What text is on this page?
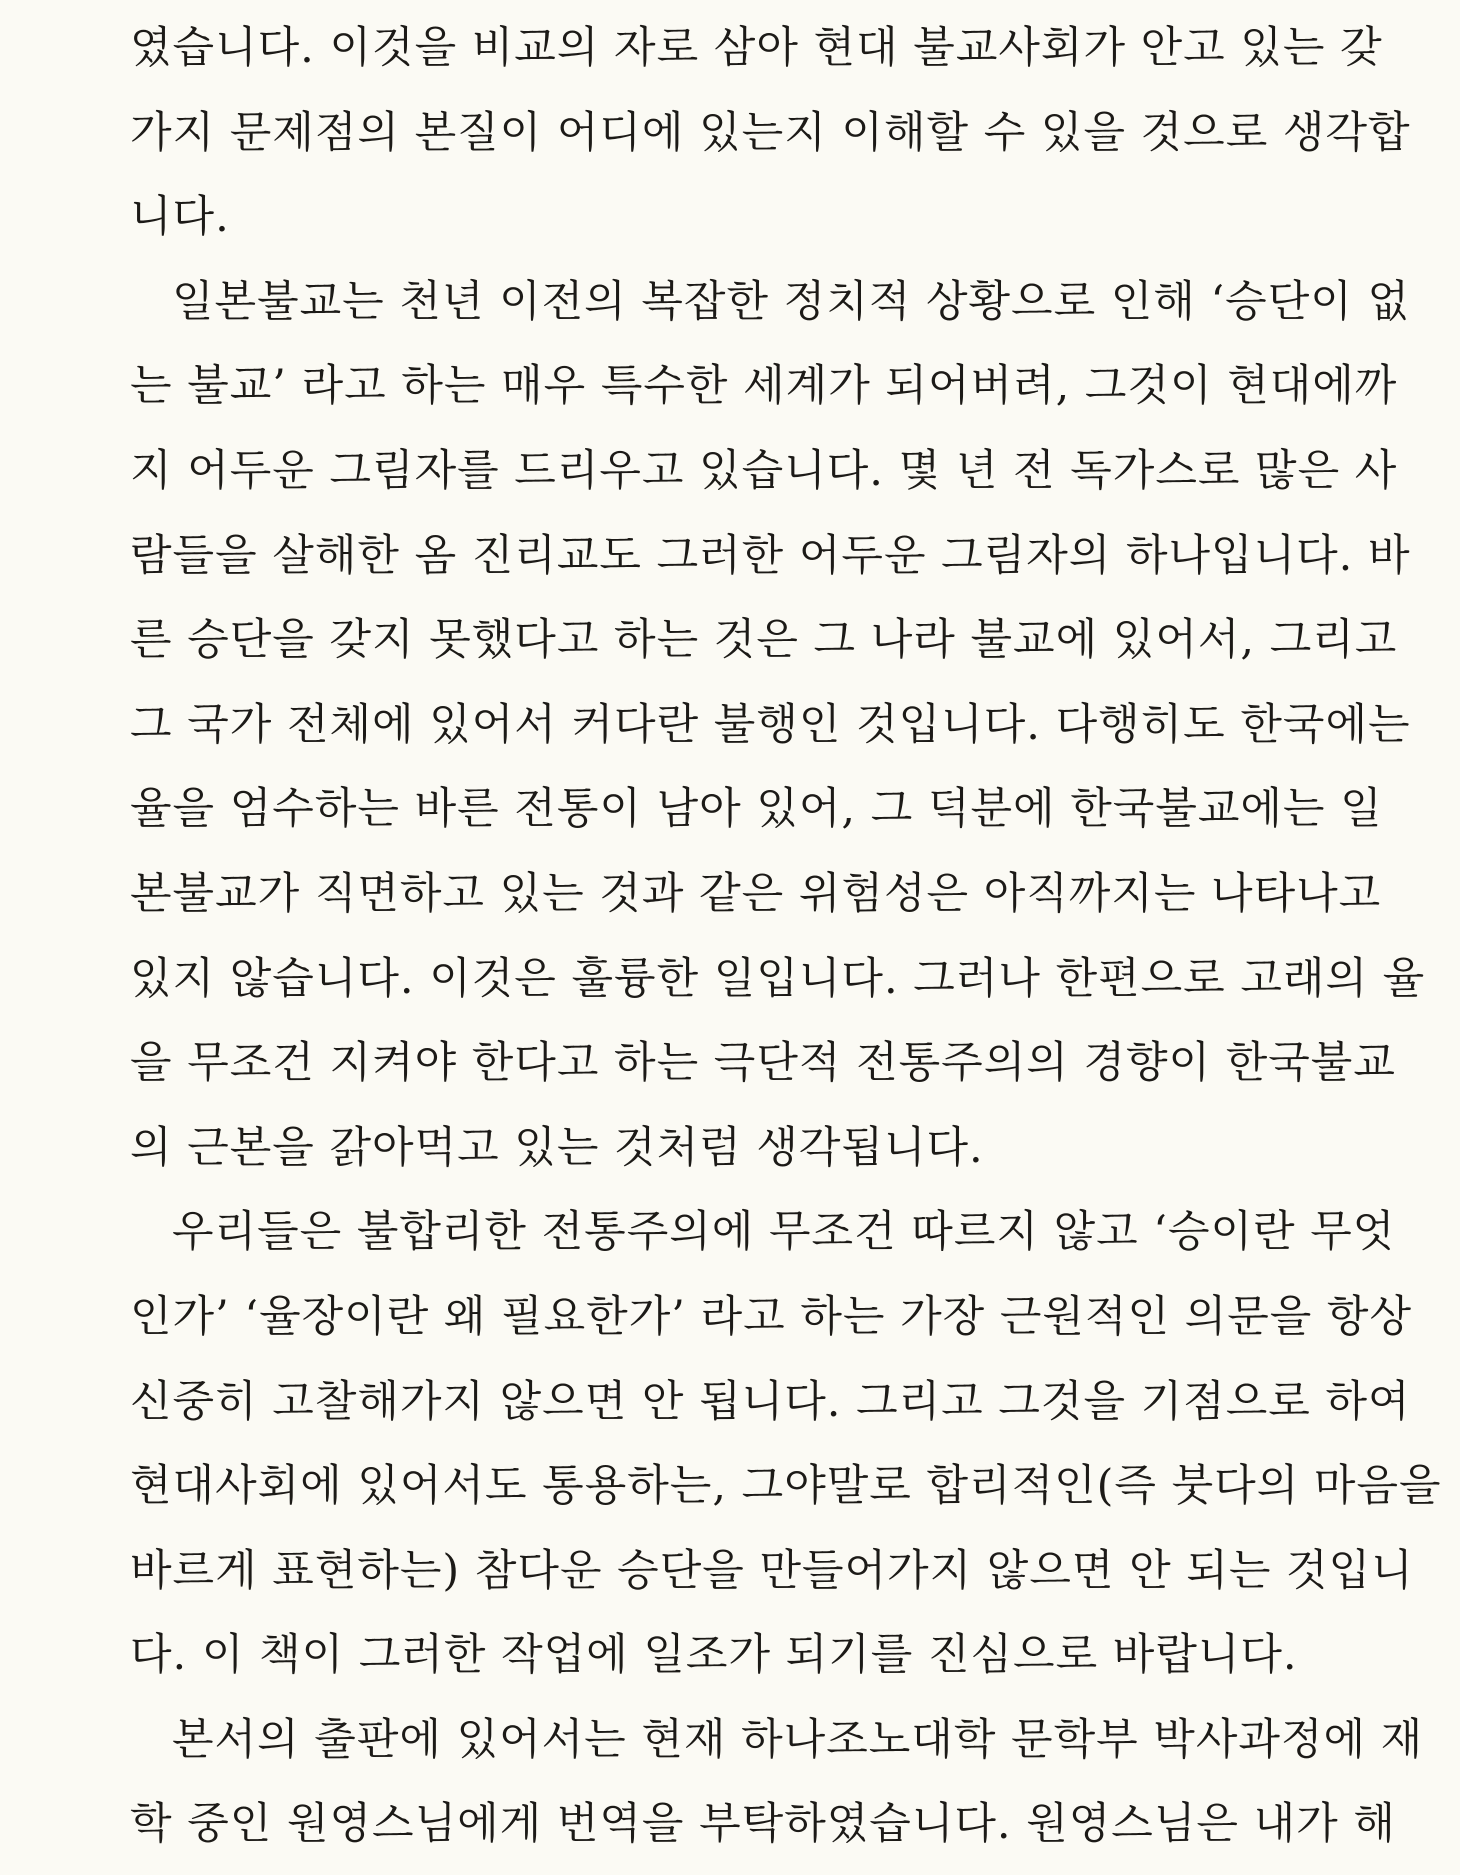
였습니다. 이것을 비교의 자로 삼아 현대 불교사회가 안고 있는 갖
가지 문제점의 본질이 어디에 있는지 이해할 수 있을 것으로 생각합
니다.
일본불교는 천년 이전의 복잡한 정치적 상황으로 인해 ‘승단이 없
는 불교’ 라고 하는 매우 특수한 세계가 되어버려, 그것이 현대에까
지 어두운 그림자를 드리우고 있습니다. 몇 년 전 독가스로 많은 사
람들을 살해한 옴 진리교도 그러한 어두운 그림자의 하나입니다. 바
른 승단을 갖지 못했다고 하는 것은 그 나라 불교에 있어서, 그리고
그 국가 전체에 있어서 커다란 불행인 것입니다. 다행히도 한국에는
율을 엄수하는 바른 전통이 남아 있어, 그 덕분에 한국불교에는 일
본불교가 직면하고 있는 것과 같은 위험성은 아직까지는 나타나고
있지 않습니다. 이것은 훌륭한 일입니다. 그러나 한편으로 고래의 율
을 무조건 지켜야 한다고 하는 극단적 전통주의의 경향이 한국불교
의 근본을 갉아먹고 있는 것처럼 생각됩니다.
우리들은 불합리한 전통주의에 무조건 따르지 않고 ‘승이란 무엇
인가’ ‘율장이란 왜 필요한가’ 라고 하는 가장 근원적인 의문을 항상
신중히 고찰해가지 않으면 안 됩니다. 그리고 그것을 기점으로 하여
현대사회에 있어서도 통용하는, 그야말로 합리적인(즉 붓다의 마음을
바르게 표현하는) 참다운 승단을 만들어가지 않으면 안 되는 것입니
다. 이 책이 그러한 작업에 일조가 되기를 진심으로 바랍니다.
본서의 출판에 있어서는 현재 하나조노대학 문학부 박사과정에 재
학 중인 원영스님에게 번역을 부탁하였습니다. 원영스님은 내가 해
